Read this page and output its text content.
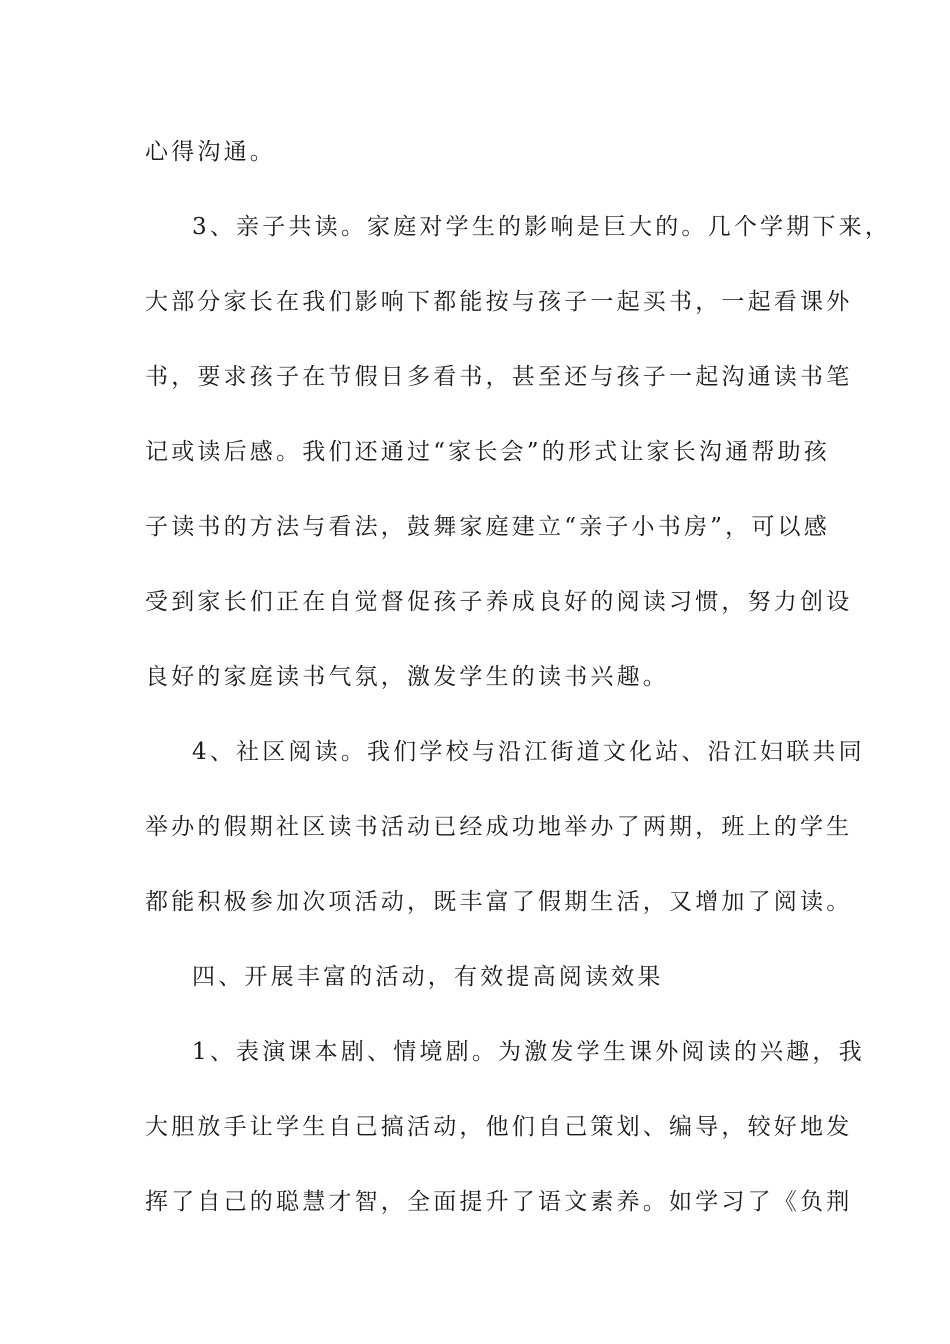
心得沟通。
3、亲子共读。家庭对学生的影响是巨大的。几个学期下来，
大部分家长在我们影响下都能按与孩子一起买书，一起看课外
书，要求孩子在节假日多看书，甚至还与孩子一起沟通读书笔
记或读后感。我们还通过“家长会”的形式让家长沟通帮助孩
子读书的方法与看法，鼓舞家庭建立“亲子小书房”，可以感
受到家长们正在自觉督促孩子养成良好的阅读习惯，努力创设
良好的家庭读书气氛，激发学生的读书兴趣。
4、社区阅读。我们学校与沿江街道文化站、沿江妇联共同
举办的假期社区读书活动已经成功地举办了两期，班上的学生
都能积极参加次项活动，既丰富了假期生活，又增加了阅读。
四、开展丰富的活动，有效提高阅读效果
1、表演课本剧、情境剧。为激发学生课外阅读的兴趣，我
大胆放手让学生自己搞活动，他们自己策划、编导，较好地发
挥了自己的聪慧才智，全面提升了语文素养。如学习了《负荆
